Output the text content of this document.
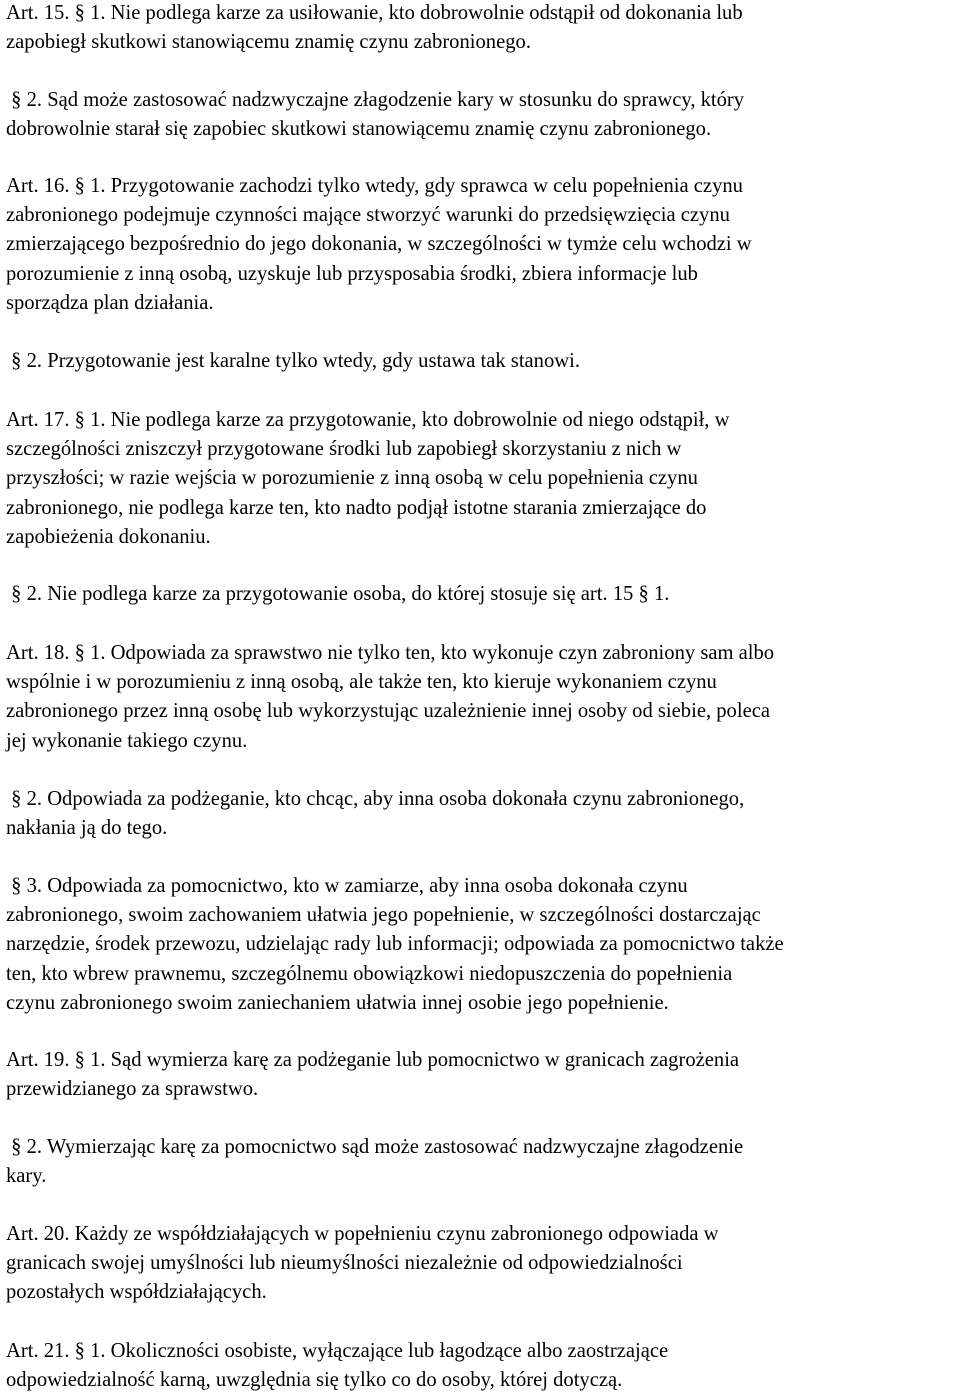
Art. 15. § 1. Nie podlega karze za usiłowanie, kto dobrowolnie odstąpił od dokonania lub
zapobiegł skutkowi stanowiącemu znamię czynu zabronionego.

§ 2. Sąd może zastosować nadzwyczajne złagodzenie kary w stosunku do sprawcy, który
dobrowolnie starał się zapobiec skutkowi stanowiącemu znamię czynu zabronionego.

Art. 16. § 1. Przygotowanie zachodzi tylko wtedy, gdy sprawca w celu popełnienia czynu
zabronionego podejmuje czynności mające stworzyć warunki do przedsięwzięcia czynu
zmierzającego bezpośrednio do jego dokonania, w szczególności w tymże celu wchodzi w
porozumienie z inną osobą, uzyskuje lub przysposabia środki, zbiera informacje lub
sporządza plan działania.

§ 2. Przygotowanie jest karalne tylko wtedy, gdy ustawa tak stanowi.

Art. 17. § 1. Nie podlega karze za przygotowanie, kto dobrowolnie od niego odstąpił, w
szczególności zniszczył przygotowane środki lub zapobiegł skorzystaniu z nich w
przyszłości; w razie wejścia w porozumienie z inną osobą w celu popełnienia czynu
zabronionego, nie podlega karze ten, kto nadto podjął istotne starania zmierzające do
zapobieżenia dokonaniu.

§ 2. Nie podlega karze za przygotowanie osoba, do której stosuje się art. 15 § 1.

Art. 18. § 1. Odpowiada za sprawstwo nie tylko ten, kto wykonuje czyn zabroniony sam albo
wspólnie i w porozumieniu z inną osobą, ale także ten, kto kieruje wykonaniem czynu
zabronionego przez inną osobę lub wykorzystując uzależnienie innej osoby od siebie, poleca
jej wykonanie takiego czynu.

§ 2. Odpowiada za podżeganie, kto chcąc, aby inna osoba dokonała czynu zabronionego,
nakłania ją do tego.

§ 3. Odpowiada za pomocnictwo, kto w zamiarze, aby inna osoba dokonała czynu
zabronionego, swoim zachowaniem ułatwia jego popełnienie, w szczególności dostarczając
narzędzie, środek przewozu, udzielając rady lub informacji; odpowiada za pomocnictwo także
ten, kto wbrew prawnemu, szczególnemu obowiązkowi niedopuszczenia do popełnienia
czynu zabronionego swoim zaniechaniem ułatwia innej osobie jego popełnienie.

Art. 19. § 1. Sąd wymierza karę za podżeganie lub pomocnictwo w granicach zagrożenia
przewidzianego za sprawstwo.

§ 2. Wymierzając karę za pomocnictwo sąd może zastosować nadzwyczajne złagodzenie
kary.

Art. 20. Każdy ze współdziałających w popełnieniu czynu zabronionego odpowiada w
granicach swojej umyślności lub nieumyślności niezależnie od odpowiedzialności
pozostałych współdziałających.

Art. 21. § 1. Okoliczności osobiste, wyłączające lub łagodzące albo zaostrzające
odpowiedzialność karną, uwzględnia się tylko co do osoby, której dotyczą.
